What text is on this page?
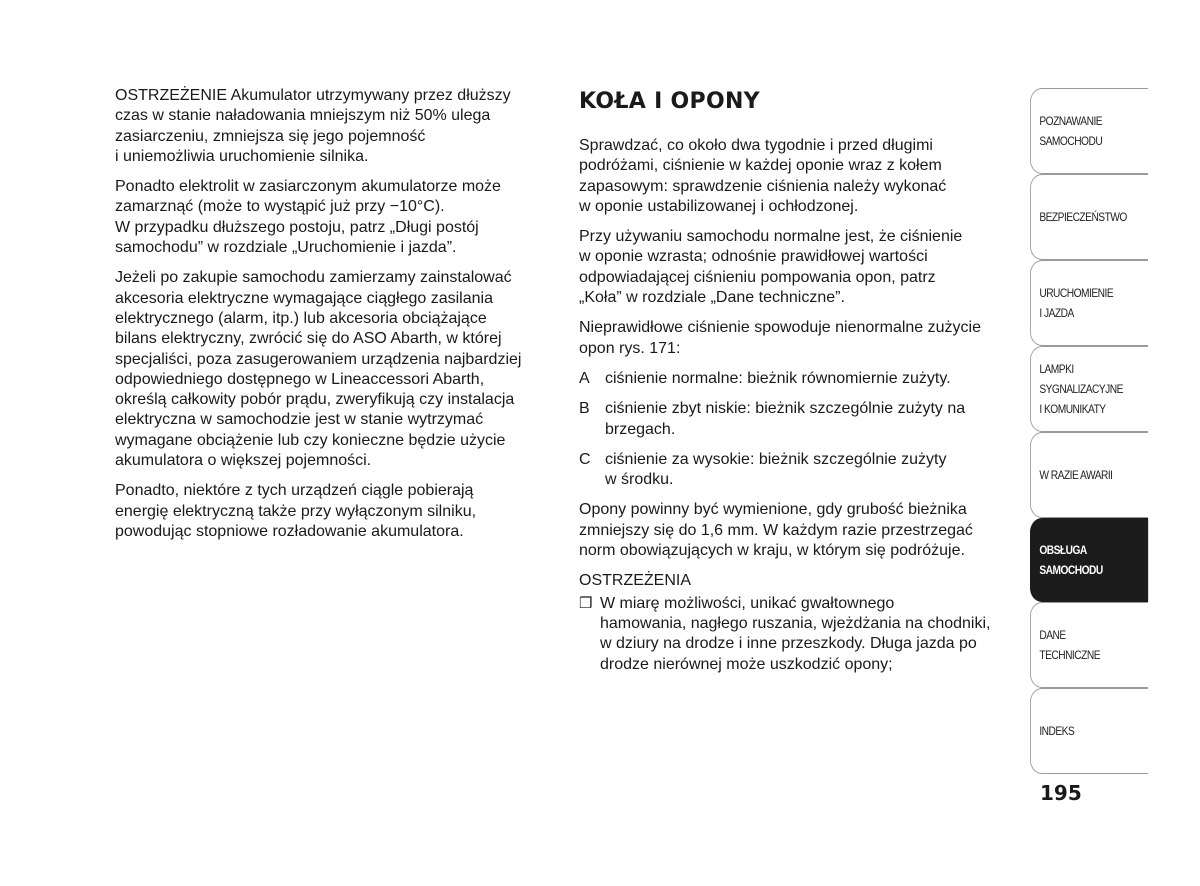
OSTRZEŻENIE Akumulator utrzymywany przez dłuższy
czas w stanie naładowania mniejszym niż 50% ulega
zasiarczeniu, zmniejsza się jego pojemność
i uniemożliwia uruchomienie silnika.

Ponadto elektrolit w zasiarczonym akumulatorze może
zamarznąć (może to wystąpić już przy −10°C).
W przypadku dłuższego postoju, patrz „Długi postój
samochodu” w rozdziale „Uruchomienie i jazda”.

Jeżeli po zakupie samochodu zamierzamy zainstalować
akcesoria elektryczne wymagające ciągłego zasilania
elektrycznego (alarm, itp.) lub akcesoria obciążające
bilans elektryczny, zwrócić się do ASO Abarth, w której
specjaliści, poza zasugerowaniem urządzenia najbardziej
odpowiedniego dostępnego w Lineaccessori Abarth,
określą całkowity pobór prądu, zweryfikują czy instalacja
elektryczna w samochodzie jest w stanie wytrzymać
wymagane obciążenie lub czy konieczne będzie użycie
akumulatora o większej pojemności.

Ponadto, niektóre z tych urządzeń ciągle pobierają
energię elektryczną także przy wyłączonym silniku,
powodując stopniowe rozładowanie akumulatora.

KOŁA I OPONY

Sprawdzać, co około dwa tygodnie i przed długimi
podróżami, ciśnienie w każdej oponie wraz z kołem
zapasowym: sprawdzenie ciśnienia należy wykonać
w oponie ustabilizowanej i ochłodzonej.

Przy używaniu samochodu normalne jest, że ciśnienie
w oponie wzrasta; odnośnie prawidłowej wartości
odpowiadającej ciśnieniu pompowania opon, patrz
„Koła” w rozdziale „Dane techniczne”.

Nieprawidłowe ciśnienie spowoduje nienormalne zużycie
opon rys. 171:

A ciśnienie normalne: bieżnik równomiernie zużyty.
B ciśnienie zbyt niskie: bieżnik szczególnie zużyty na
brzegach.
C ciśnienie za wysokie: bieżnik szczególnie zużyty
w środku.

Opony powinny być wymienione, gdy grubość bieżnika
zmniejszy się do 1,6 mm. W każdym razie przestrzegać
norm obowiązujących w kraju, w którym się podróżuje.

OSTRZEŻENIA
❒ W miarę możliwości, unikać gwałtownego
hamowania, nagłego ruszania, wjeżdżania na chodniki,
w dziury na drodze i inne przeszkody. Długa jazda po
drodze nierównej może uszkodzić opony;
POZNAWANIE
SAMOCHODU
BEZPIECZEŃSTWO
URUCHOMIENIE
I JAZDA
LAMPKI
SYGNALIZACYJNE
I KOMUNIKATY
W RAZIE AWARII
OBSŁUGA
SAMOCHODU
DANE
TECHNICZNE
INDEKS
195
